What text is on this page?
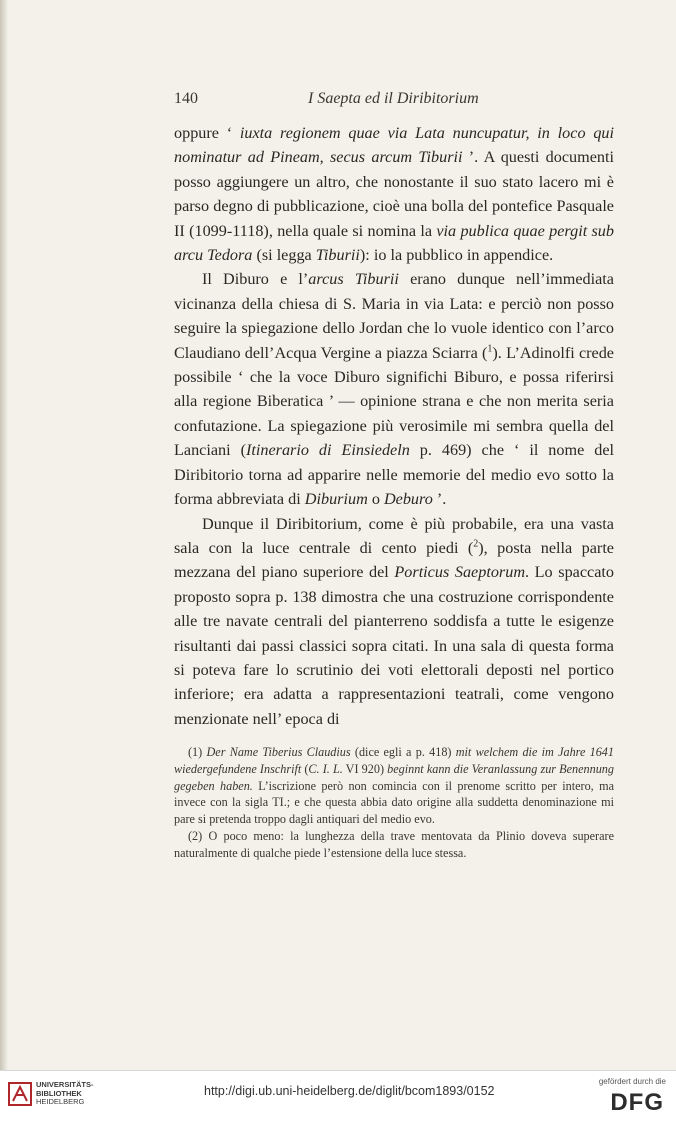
140	I Saepta ed il Diribitorium

oppure ‘ iuxta regionem quae via Lata nuncupatur, in loco qui nominatur ad Pineam, secus arcum Tiburii ’. A questi documenti posso aggiungere un altro, che nonostante il suo stato lacero mi è parso degno di pubblicazione, cioè una bolla del pontefice Pasquale II (1099-1118), nella quale si nomina la via publica quae pergit sub arcu Tedora (si legga Tiburii): io la pubblico in appendice.

Il Diburo e l’arcus Tiburii erano dunque nell’immediata vicinanza della chiesa di S. Maria in via Lata: e perciò non posso seguire la spiegazione dello Jordan che lo vuole identico con l’arco Claudiano dell’Acqua Vergine a piazza Sciarra ($^1$). L’Adinolfi crede possibile ‘ che la voce Diburo significhi Biburo, e possa riferirsi alla regione Biberatica ’ — opinione strana e che non merita seria confutazione. La spiegazione più verosimile mi sembra quella del Lanciani (Itinerario di Einsiedeln p. 469) che ‘ il nome del Diribitorio torna ad apparire nelle memorie del medio evo sotto la forma abbreviata di Diburium o Deburo ’.

Dunque il Diribitorium, come è più probabile, era una vasta sala con la luce centrale di cento piedi ($^2$), posta nella parte mezzana del piano superiore del Porticus Saeptorum. Lo spaccato proposto sopra p. 138 dimostra che una costruzione corrispondente alle tre navate centrali del pianterreno soddisfa a tutte le esigenze risultanti dai passi classici sopra citati. In una sala di questa forma si poteva fare lo scrutinio dei voti elettorali deposti nel portico inferiore; era adatta a rappresentazioni teatrali, come vengono menzionate nell’ epoca di

(1) Der Name Tiberius Claudius (dice egli a p. 418) mit welchem die im Jahre 1641 wiedergefundene Inschrift (C. I. L. VI 920) beginnt kann die Veranlassung zur Benennung gegeben haben. L’iscrizione però non comincia con il prenome scritto per intero, ma invece con la sigla TI.; e che questa abbia dato origine alla suddetta denominazione mi pare si pretenda troppo dagli antiquari del medio evo.

(2) O poco meno: la lunghezza della trave mentovata da Plinio doveva superare naturalmente di qualche piede l’estensione della luce stessa.

UNIVERSITÄTS-
BIBLIOTHEK
HEIDELBERG
http://digi.ub.uni-heidelberg.de/diglit/bcom1893/0152
gefördert durch die
DFG
